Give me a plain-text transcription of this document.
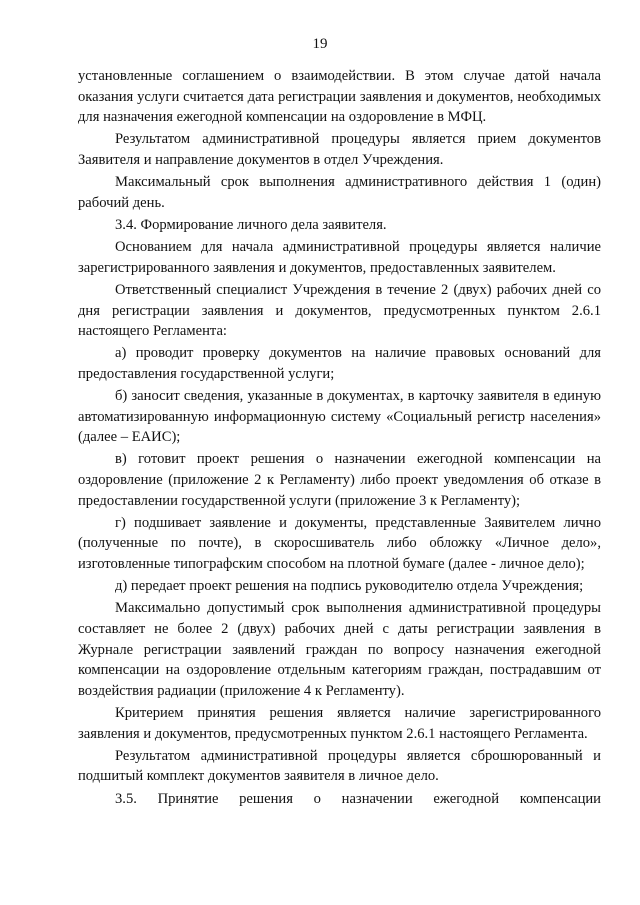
19

установленные соглашением о взаимодействии. В этом случае датой начала оказания услуги считается дата регистрации заявления и документов, необходимых для назначения ежегодной компенсации на оздоровление в МФЦ.

Результатом административной процедуры является прием документов Заявителя и направление документов в отдел Учреждения.

Максимальный срок выполнения административного действия 1 (один) рабочий день.

3.4. Формирование личного дела заявителя.

Основанием для начала административной процедуры является наличие зарегистрированного заявления и документов, предоставленных заявителем.

Ответственный специалист Учреждения в течение 2 (двух) рабочих дней со дня регистрации заявления и документов, предусмотренных пунктом 2.6.1 настоящего Регламента:

а) проводит проверку документов на наличие правовых оснований для предоставления государственной услуги;

б) заносит сведения, указанные в документах, в карточку заявителя в единую автоматизированную информационную систему «Социальный регистр населения» (далее – ЕАИС);

в) готовит проект решения о назначении ежегодной компенсации на оздоровление (приложение 2 к Регламенту) либо проект уведомления об отказе в предоставлении государственной услуги (приложение 3 к Регламенту);

г) подшивает заявление и документы, представленные Заявителем лично (полученные по почте), в скоросшиватель либо обложку «Личное дело», изготовленные типографским способом на плотной бумаге (далее - личное дело);

д) передает проект решения на подпись руководителю отдела Учреждения;

Максимально допустимый срок выполнения административной процедуры составляет не более 2 (двух) рабочих дней с даты регистрации заявления в Журнале регистрации заявлений граждан по вопросу назначения ежегодной компенсации на оздоровление отдельным категориям граждан, пострадавшим от воздействия радиации (приложение 4 к Регламенту).

Критерием принятия решения является наличие зарегистрированного заявления и документов, предусмотренных пунктом 2.6.1 настоящего Регламента.

Результатом административной процедуры является сброшюрованный и подшитый комплект документов заявителя в личное дело.

3.5. Принятие решения о назначении ежегодной компенсации
